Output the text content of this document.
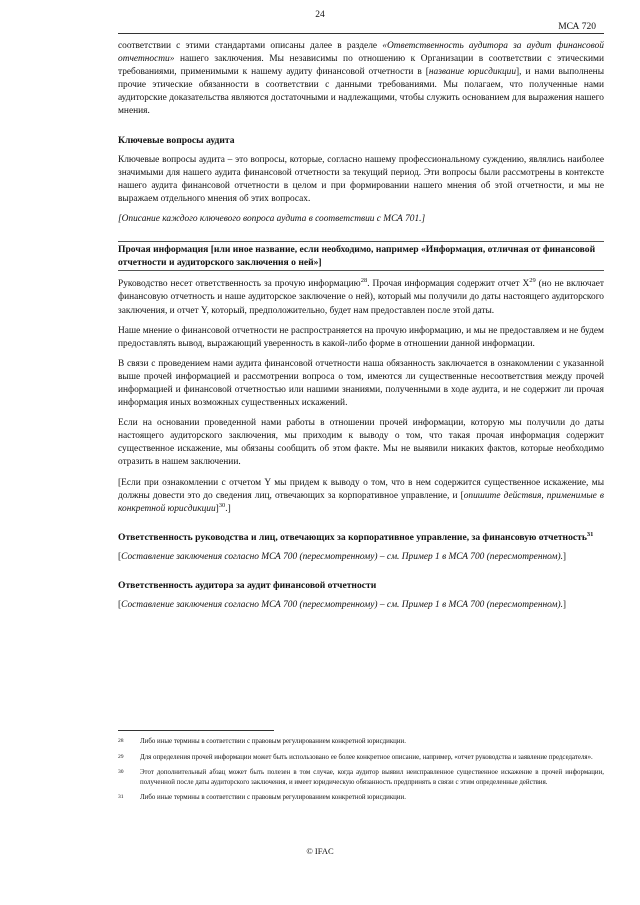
24
МСА 720

соответствии с этими стандартами описаны далее в разделе «Ответственность аудитора за аудит финансовой отчетности» нашего заключения. Мы независимы по отношению к Организации в соответствии с этическими требованиями, применимыми к нашему аудиту финансовой отчетности в [название юрисдикции], и нами выполнены прочие этические обязанности в соответствии с данными требованиями. Мы полагаем, что полученные нами аудиторские доказательства являются достаточными и надлежащими, чтобы служить основанием для выражения нашего мнения.

Ключевые вопросы аудита

Ключевые вопросы аудита – это вопросы, которые, согласно нашему профессиональному суждению, являлись наиболее значимыми для нашего аудита финансовой отчетности за текущий период. Эти вопросы были рассмотрены в контексте нашего аудита финансовой отчетности в целом и при формировании нашего мнения об этой отчетности, и мы не выражаем отдельного мнения об этих вопросах.

[Описание каждого ключевого вопроса аудита в соответствии с МСА 701.]

Прочая информация [или иное название, если необходимо, например «Информация, отличная от финансовой отчетности и аудиторского заключения о ней»]

Руководство несет ответственность за прочую информацию$^{28}$. Прочая информация содержит отчет $X^{29}$ (но не включает финансовую отчетность и наше аудиторское заключение о ней), который мы получили до даты настоящего аудиторского заключения, и отчет Y, который, предположительно, будет нам предоставлен после этой даты.

Наше мнение о финансовой отчетности не распространяется на прочую информацию, и мы не предоставляем и не будем предоставлять вывод, выражающий уверенность в какой-либо форме в отношении данной информации.

В связи с проведением нами аудита финансовой отчетности наша обязанность заключается в ознакомлении с указанной выше прочей информацией и рассмотрении вопроса о том, имеются ли существенные несоответствия между прочей информацией и финансовой отчетностью или нашими знаниями, полученными в ходе аудита, и не содержит ли прочая информация иных возможных существенных искажений.

Если на основании проведенной нами работы в отношении прочей информации, которую мы получили до даты настоящего аудиторского заключения, мы приходим к выводу о том, что такая прочая информация содержит существенное искажение, мы обязаны сообщить об этом факте. Мы не выявили никаких фактов, которые необходимо отразить в нашем заключении.

[Если при ознакомлении с отчетом Y мы придем к выводу о том, что в нем содержится существенное искажение, мы должны довести это до сведения лиц, отвечающих за корпоративное управление, и [опишите действия, применимые в конкретной юрисдикции]$^{30}$.]

Ответственность руководства и лиц, отвечающих за корпоративное управление, за финансовую отчетность$^{31}$

[Составление заключения согласно МСА 700 (пересмотренному) – см. Пример 1 в МСА 700 (пересмотренном).]

Ответственность аудитора за аудит финансовой отчетности

[Составление заключения согласно МСА 700 (пересмотренному) – см. Пример 1 в МСА 700 (пересмотренном).]

28	Либо иные термины в соответствии с правовым регулированием конкретной юрисдикции.
29	Для определения прочей информации может быть использовано ее более конкретное описание, например, «отчет руководства и заявление председателя».
30	Этот дополнительный абзац может быть полезен в том случае, когда аудитор выявил неисправленное существенное искажение в прочей информации, полученной после даты аудиторского заключения, и имеет юридическую обязанность предпринять в связи с этим определенные действия.
31	Либо иные термины в соответствии с правовым регулированием конкретной юрисдикции.
© IFAC
